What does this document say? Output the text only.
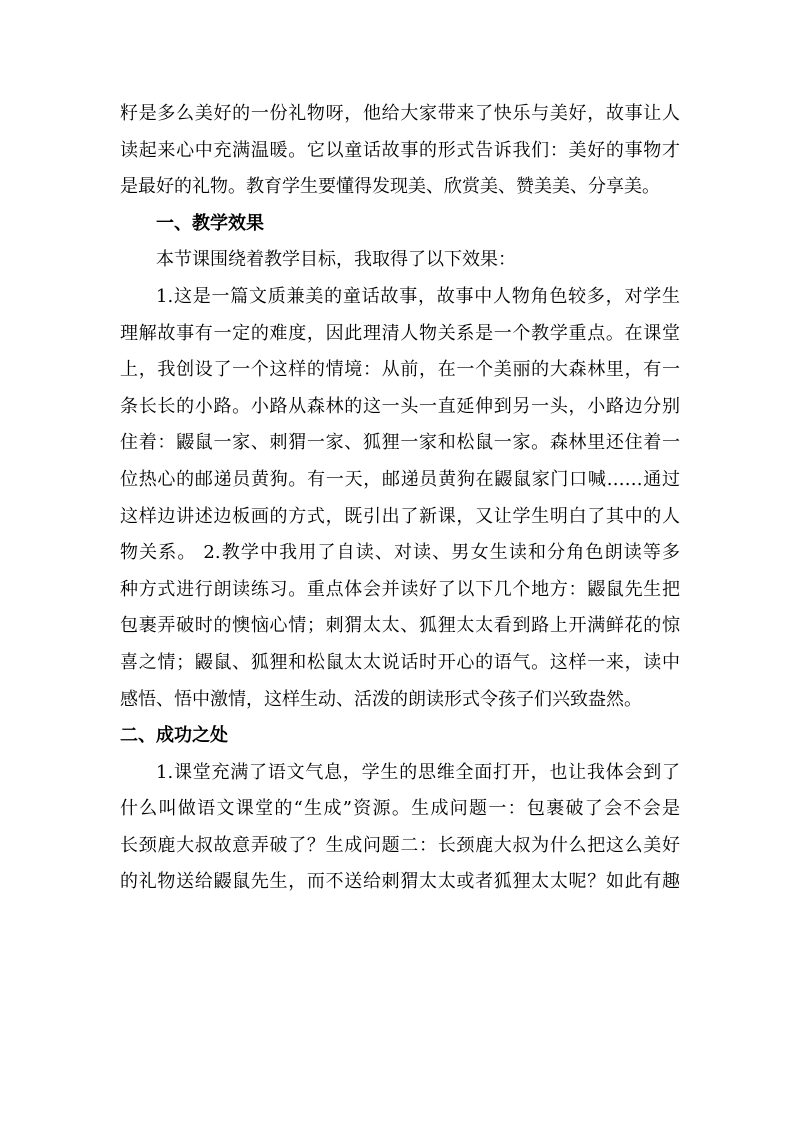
籽是多么美好的一份礼物呀，他给大家带来了快乐与美好，故事让人
读起来心中充满温暖。它以童话故事的形式告诉我们：美好的事物才
是最好的礼物。教育学生要懂得发现美、欣赏美、赞美美、分享美。
一、教学效果
本节课围绕着教学目标，我取得了以下效果：
1.这是一篇文质兼美的童话故事，故事中人物角色较多，对学生
理解故事有一定的难度，因此理清人物关系是一个教学重点。在课堂
上，我创设了一个这样的情境：从前，在一个美丽的大森林里，有一
条长长的小路。小路从森林的这一头一直延伸到另一头，小路边分别
住着：鼹鼠一家、刺猬一家、狐狸一家和松鼠一家。森林里还住着一
位热心的邮递员黄狗。有一天，邮递员黄狗在鼹鼠家门口喊……通过
这样边讲述边板画的方式，既引出了新课，又让学生明白了其中的人
物关系。 2.教学中我用了自读、对读、男女生读和分角色朗读等多
种方式进行朗读练习。重点体会并读好了以下几个地方：鼹鼠先生把
包裹弄破时的懊恼心情；刺猬太太、狐狸太太看到路上开满鲜花的惊
喜之情；鼹鼠、狐狸和松鼠太太说话时开心的语气。这样一来，读中
感悟、悟中激情，这样生动、活泼的朗读形式令孩子们兴致盎然。
二、成功之处
1.课堂充满了语文气息，学生的思维全面打开，也让我体会到了
什么叫做语文课堂的“生成”资源。生成问题一：包裹破了会不会是
长颈鹿大叔故意弄破了？生成问题二：长颈鹿大叔为什么把这么美好
的礼物送给鼹鼠先生，而不送给刺猬太太或者狐狸太太呢？如此有趣
